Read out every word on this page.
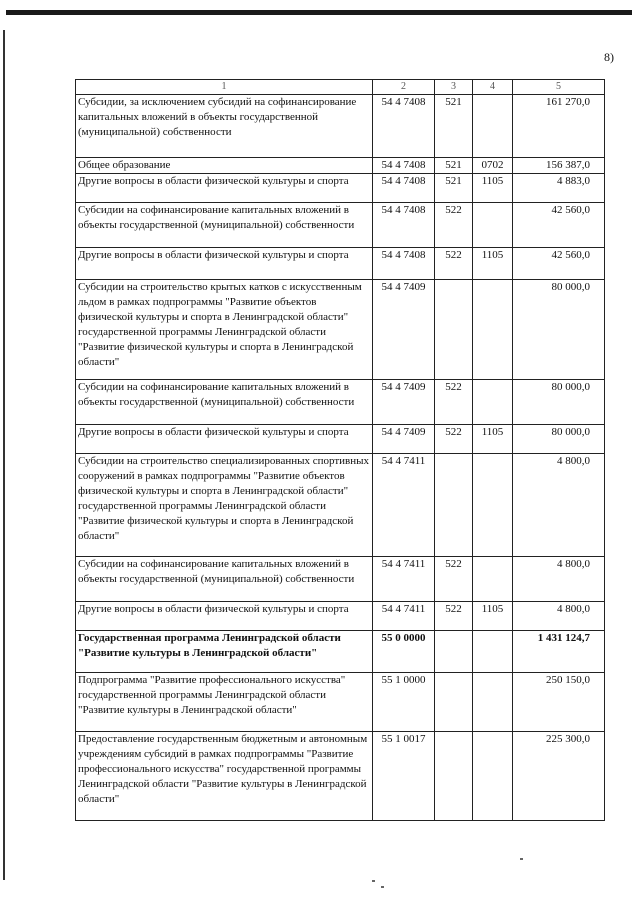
8)
1	2	3	4	5
Субсидии, за исключением субсидий на софинансирование капитальных вложений в объекты государственной (муниципальной) собственности	54 4 7408	521		161 270,0
Общее образование	54 4 7408	521	0702	156 387,0
Другие вопросы в области физической культуры и спорта	54 4 7408	521	1105	4 883,0
Субсидии на софинансирование капитальных вложений в объекты государственной (муниципальной) собственности	54 4 7408	522		42 560,0
Другие вопросы в области физической культуры и спорта	54 4 7408	522	1105	42 560,0
Субсидии на строительство крытых катков с искусственным льдом в рамках подпрограммы "Развитие объектов физической культуры и спорта в Ленинградской области" государственной программы Ленинградской области "Развитие физической культуры и спорта в Ленинградской области"	54 4 7409			80 000,0
Субсидии на софинансирование капитальных вложений в объекты государственной (муниципальной) собственности	54 4 7409	522		80 000,0
Другие вопросы в области физической культуры и спорта	54 4 7409	522	1105	80 000,0
Субсидии на строительство специализированных спортивных сооружений в рамках подпрограммы "Развитие объектов физической культуры и спорта в Ленинградской области" государственной программы Ленинградской области "Развитие физической культуры и спорта в Ленинградской области"	54 4 7411			4 800,0
Субсидии на софинансирование капитальных вложений в объекты государственной (муниципальной) собственности	54 4 7411	522		4 800,0
Другие вопросы в области физической культуры и спорта	54 4 7411	522	1105	4 800,0
Государственная программа Ленинградской области "Развитие культуры в Ленинградской области"	55 0 0000			1 431 124,7
Подпрограмма "Развитие профессионального искусства" государственной программы Ленинградской области "Развитие культуры в Ленинградской области"	55 1 0000			250 150,0
Предоставление государственным бюджетным и автономным учреждениям субсидий в рамках подпрограммы "Развитие профессионального искусства" государственной программы Ленинградской области "Развитие культуры в Ленинградской области"	55 1 0017			225 300,0
